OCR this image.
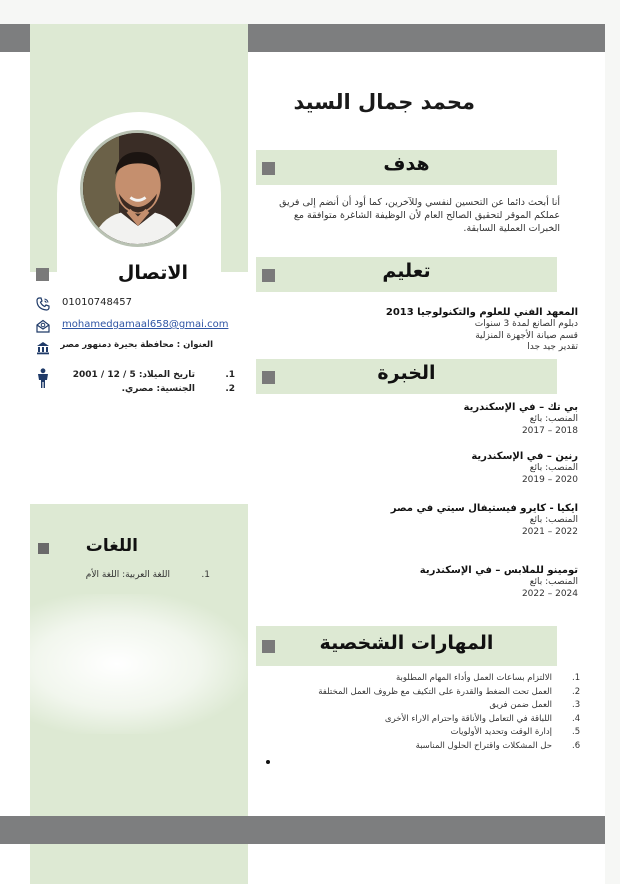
محمد جمال السيد
هدف
أنا أبحث دائما عن التحسين لنفسي وللآخرين، كما أود أن أنضم إلى فريق عملكم الموقر لتحقيق الصالح العام لأن الوظيفة الشاغرة متوافقة مع الخبرات العملية السابقة.
تعليم
المعهد الفني للعلوم والتكنولوجيا 2013
دبلوم الصانع لمدة 3 سنوات
قسم صيانة الأجهزة المنزلية
تقدير جيد جدا
الخبرة
بي تك – في الإسكندرية
المنصب: بائع
2018 – 2017
رنين – في الإسكندرية
المنصب: بائع
2020 – 2019
ايكيا - كايرو فيستيفال سيتي في مصر
المنصب: بائع
2022 – 2021
تومينو للملابس – في الإسكندرية
المنصب: بائع
2024 – 2022
المهارات الشخصية
1.
الالتزام بساعات العمل وأداء المهام المطلوبة
2.
العمل تحت الضغط والقدرة على التكيف مع ظروف العمل المختلفة
3.
العمل ضمن فريق
4.
اللباقة في التعامل والأناقة واحترام الاراء الأخرى
5.
إدارة الوقت وتحديد الأولويات
6.
حل المشكلات واقتراح الحلول المناسبة
الاتصال
01010748457
mohamedgamaal658@gmai.com
العنوان : محافظة بحيرة دمنهور مصر
1.
تاريخ الميلاد: 5 / 12 / 2001
2.
الجنسية: مصري.
اللغات
1.
اللغة العربية: اللغة الأم
